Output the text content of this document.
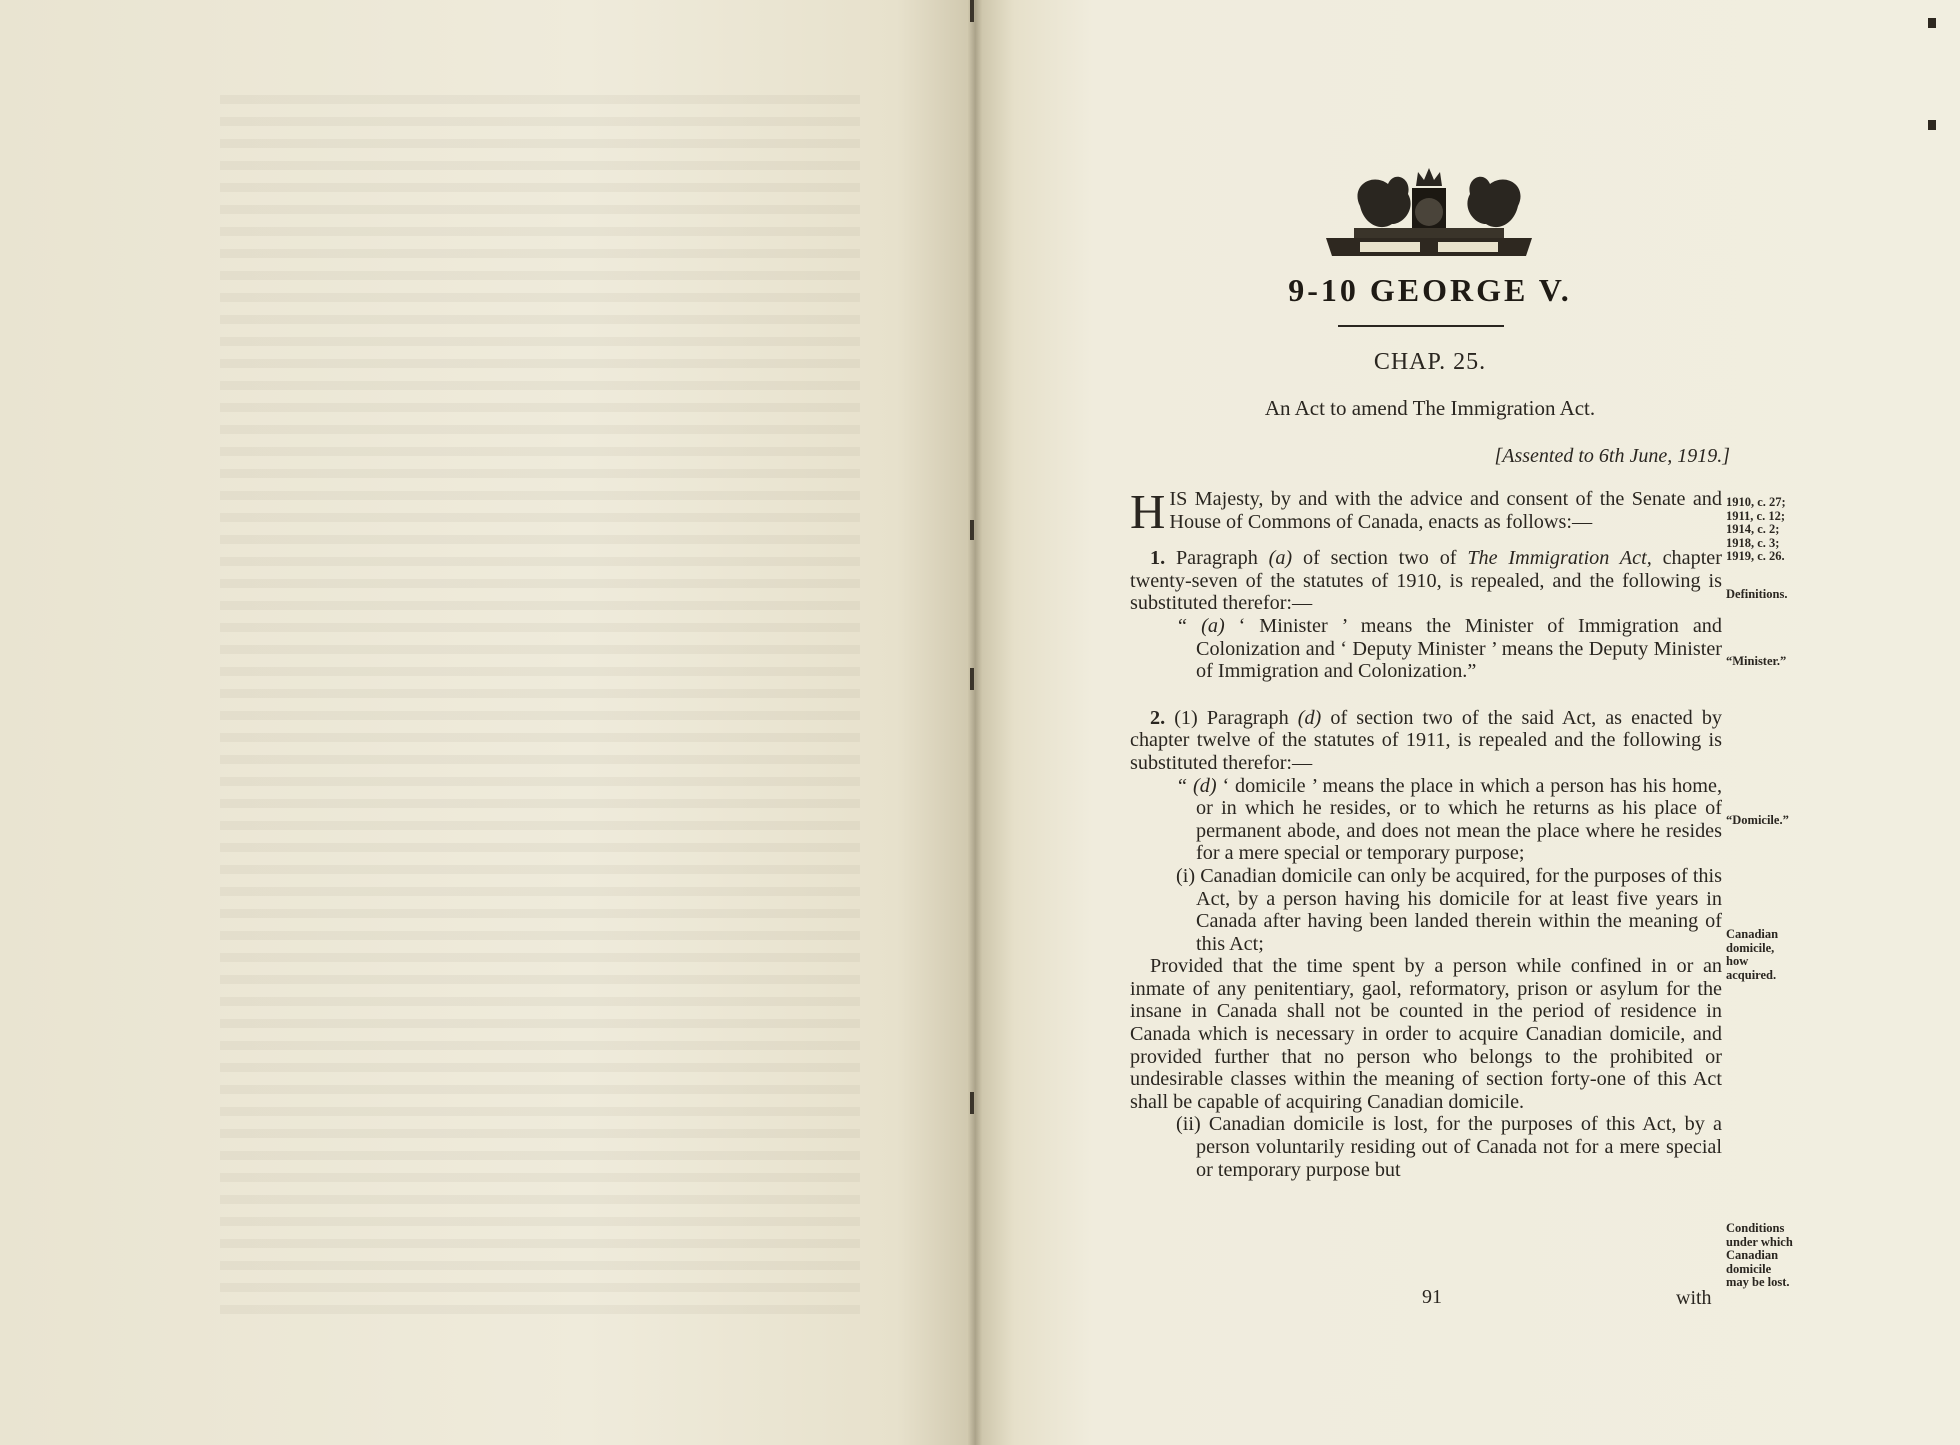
9-10 GEORGE V.
CHAP. 25.
An Act to amend The Immigration Act.
[Assented to 6th June, 1919.]

HIS Majesty, by and with the advice and consent of the Senate and House of Commons of Canada, enacts as follows:—

1. Paragraph (a) of section two of The Immigration Act, chapter twenty-seven of the statutes of 1910, is repealed, and the following is substituted therefor:—

“ (a) ‘ Minister ’ means the Minister of Immigration and Colonization and ‘ Deputy Minister ’ means the Deputy Minister of Immigration and Colonization.”

2. (1) Paragraph (d) of section two of the said Act, as enacted by chapter twelve of the statutes of 1911, is repealed and the following is substituted therefor:—

“ (d) ‘ domicile ’ means the place in which a person has his home, or in which he resides, or to which he returns as his place of permanent abode, and does not mean the place where he resides for a mere special or temporary purpose;

(i) Canadian domicile can only be acquired, for the purposes of this Act, by a person having his domicile for at least five years in Canada after having been landed therein within the meaning of this Act;

Provided that the time spent by a person while confined in or an inmate of any penitentiary, gaol, reformatory, prison or asylum for the insane in Canada shall not be counted in the period of residence in Canada which is necessary in order to acquire Canadian domicile, and provided further that no person who belongs to the prohibited or undesirable classes within the meaning of section forty-one of this Act shall be capable of acquiring Canadian domicile.

(ii) Canadian domicile is lost, for the purposes of this Act, by a person voluntarily residing out of Canada not for a mere special or temporary purpose but

1910, c. 27;
1911, c. 12;
1914, c. 2;
1918, c. 3;
1919, c. 26.
Definitions.
“Minister.”
“Domicile.”
Canadian
domicile,
how
acquired.
Conditions
under which
Canadian
domicile
may be lost.
91	with
